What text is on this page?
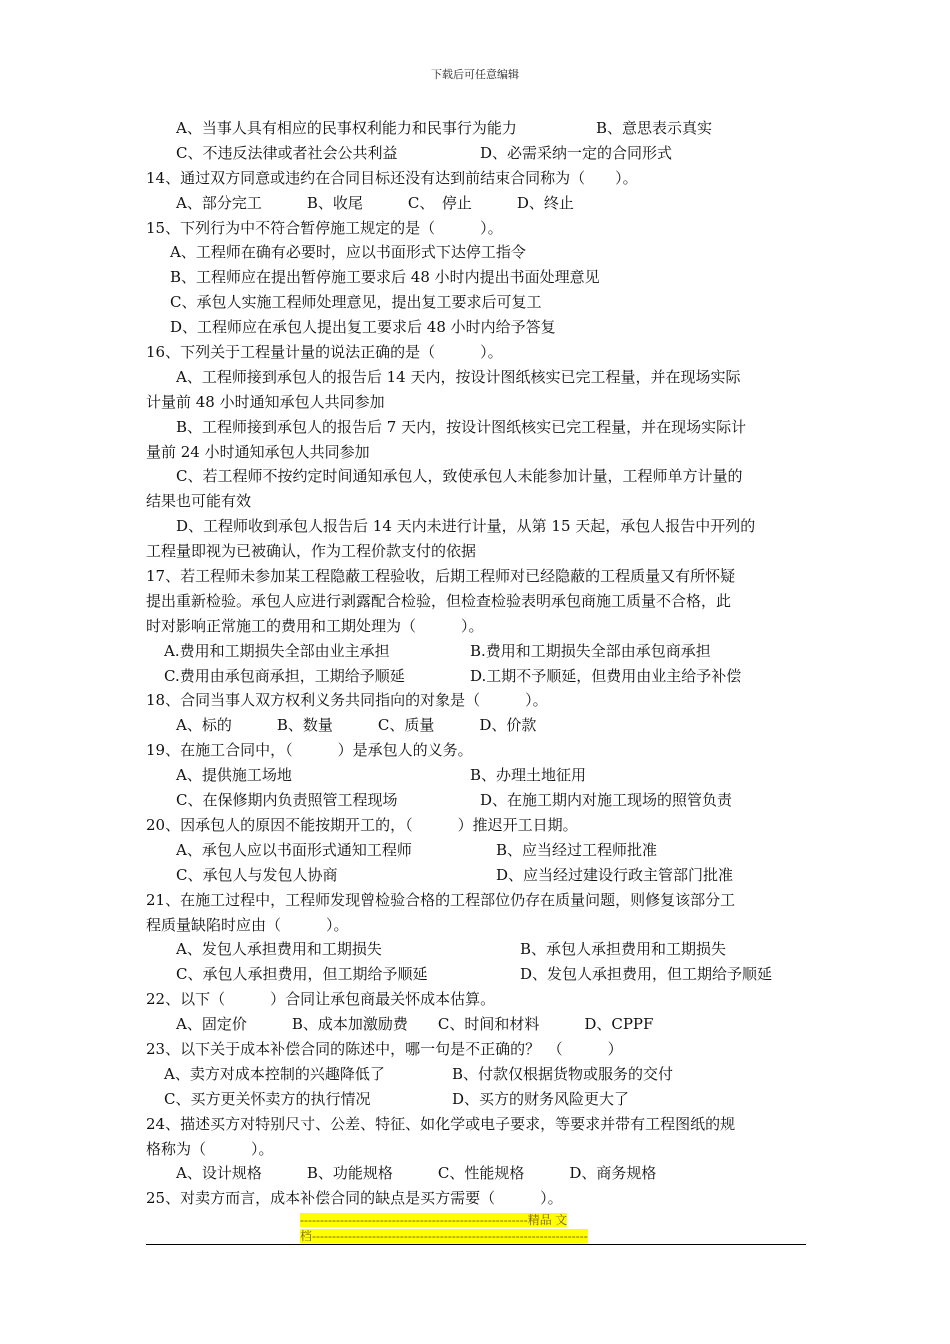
下载后可任意编辑
A、当事人具有相应的民事权利能力和民事行为能力	B、意思表示真实
C、不违反法律或者社会公共利益	D、必需采纳一定的合同形式
14、通过双方同意或违约在合同目标还没有达到前结束合同称为（　　）。
A、部分完工　　　B、收尾　　　C、　停止　　　D、终止
15、下列行为中不符合暂停施工规定的是（　　　）。
A、工程师在确有必要时，应以书面形式下达停工指令
B、工程师应在提出暂停施工要求后 48 小时内提出书面处理意见
C、承包人实施工程师处理意见，提出复工要求后可复工
D、工程师应在承包人提出复工要求后 48 小时内给予答复
16、下列关于工程量计量的说法正确的是（　　　）。
A、工程师接到承包人的报告后 14 天内，按设计图纸核实已完工程量，并在现场实际
计量前 48 小时通知承包人共同参加
B、工程师接到承包人的报告后 7 天内，按设计图纸核实已完工程量，并在现场实际计
量前 24 小时通知承包人共同参加
C、若工程师不按约定时间通知承包人，致使承包人未能参加计量，工程师单方计量的
结果也可能有效
D、工程师收到承包人报告后 14 天内未进行计量，从第 15 天起，承包人报告中开列的
工程量即视为已被确认，作为工程价款支付的依据
17、若工程师未参加某工程隐蔽工程验收，后期工程师对已经隐蔽的工程质量又有所怀疑
提出重新检验。承包人应进行剥露配合检验，但检查检验表明承包商施工质量不合格，此
时对影响正常施工的费用和工期处理为（　　　）。
A.费用和工期损失全部由业主承担	B.费用和工期损失全部由承包商承担
C.费用由承包商承担，工期给予顺延	D.工期不予顺延，但费用由业主给予补偿
18、合同当事人双方权利义务共同指向的对象是（　　　）。
A、标的　　　B、数量　　　C、质量　　　D、价款
19、在施工合同中，（　　　）是承包人的义务。
A、提供施工场地	B、办理土地征用
C、在保修期内负责照管工程现场	D、在施工期内对施工现场的照管负责
20、因承包人的原因不能按期开工的，（　　　）推迟开工日期。
A、承包人应以书面形式通知工程师	B、应当经过工程师批准
C、承包人与发包人协商	D、应当经过建设行政主管部门批准
21、在施工过程中，工程师发现曾检验合格的工程部位仍存在质量问题，则修复该部分工
程质量缺陷时应由（　　　）。
A、发包人承担费用和工期损失	B、承包人承担费用和工期损失
C、承包人承担费用，但工期给予顺延	D、发包人承担费用，但工期给予顺延
22、以下（　　　）合同让承包商最关怀成本估算。
A、固定价　　　B、成本加激励费　　C、时间和材料　　　D、CPPF
23、以下关于成本补偿合同的陈述中，哪一句是不正确的？　（　　　）
A、卖方对成本控制的兴趣降低了	B、付款仅根据货物或服务的交付
C、买方更关怀卖方的执行情况	D、买方的财务风险更大了
24、描述买方对特别尺寸、公差、特征、如化学或电子要求，等要求并带有工程图纸的规
格称为（　　　）。
A、设计规格　　　B、功能规格　　　C、性能规格　　　D、商务规格
25、对卖方而言，成本补偿合同的缺点是买方需要（　　　）。
---------------------------------------------------------精品 文
档---------------------------------------------------------------------
